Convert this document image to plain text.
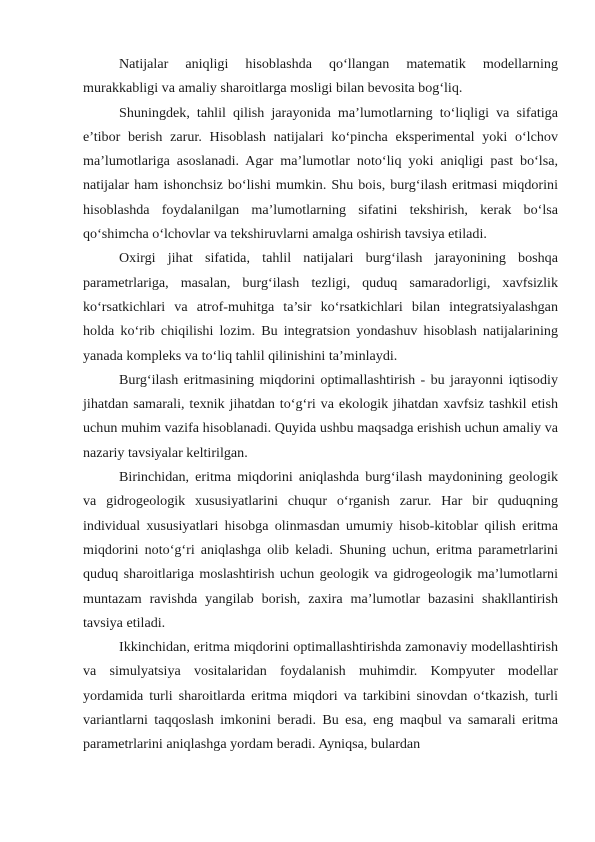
Natijalar aniqligi hisoblashda qo‘llangan matematik modellarning murakkabligi va amaliy sharoitlarga mosligi bilan bevosita bog‘liq.

Shuningdek, tahlil qilish jarayonida ma’lumotlarning to‘liqligi va sifatiga e’tibor berish zarur. Hisoblash natijalari ko‘pincha eksperimental yoki o‘lchov ma’lumotlariga asoslanadi. Agar ma’lumotlar noto‘liq yoki aniqligi past bo‘lsa, natijalar ham ishonchsiz bo‘lishi mumkin. Shu bois, burg‘ilash eritmasi miqdorini hisoblashda foydalanilgan ma’lumotlarning sifatini tekshirish, kerak bo‘lsa qo‘shimcha o‘lchovlar va tekshiruvlarni amalga oshirish tavsiya etiladi.

Oxirgi jihat sifatida, tahlil natijalari burg‘ilash jarayonining boshqa parametrlariga, masalan, burg‘ilash tezligi, quduq samaradorligi, xavfsizlik ko‘rsatkichlari va atrof-muhitga ta’sir ko‘rsatkichlari bilan integratsiyalashgan holda ko‘rib chiqilishi lozim. Bu integratsion yondashuv hisoblash natijalarining yanada kompleks va to‘liq tahlil qilinishini ta’minlaydi.

Burg‘ilash eritmasining miqdorini optimallashtirish - bu jarayonni iqtisodiy jihatdan samarali, texnik jihatdan to‘g‘ri va ekologik jihatdan xavfsiz tashkil etish uchun muhim vazifa hisoblanadi. Quyida ushbu maqsadga erishish uchun amaliy va nazariy tavsiyalar keltirilgan.

Birinchidan, eritma miqdorini aniqlashda burg‘ilash maydonining geologik va gidrogeologik xususiyatlarini chuqur o‘rganish zarur. Har bir quduqning individual xususiyatlari hisobga olinmasdan umumiy hisob-kitoblar qilish eritma miqdorini noto‘g‘ri aniqlashga olib keladi. Shuning uchun, eritma parametrlarini quduq sharoitlariga moslashtirish uchun geologik va gidrogeologik ma’lumotlarni muntazam ravishda yangilab borish, zaxira ma’lumotlar bazasini shakllantirish tavsiya etiladi.

Ikkinchidan, eritma miqdorini optimallashtirishda zamonaviy modellashtirish va simulyatsiya vositalaridan foydalanish muhimdir. Kompyuter modellar yordamida turli sharoitlarda eritma miqdori va tarkibini sinovdan o‘tkazish, turli variantlarni taqqoslash imkonini beradi. Bu esa, eng maqbul va samarali eritma parametrlarini aniqlashga yordam beradi. Ayniqsa, bulardan
